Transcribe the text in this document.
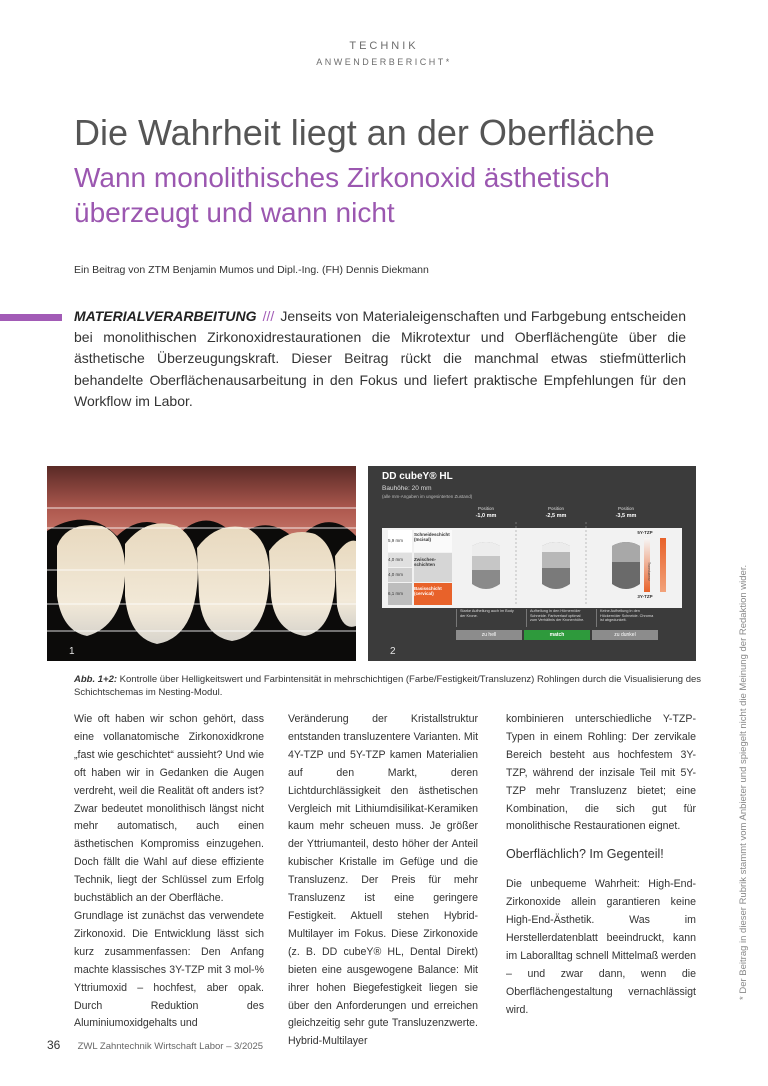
TECHNIK
ANWENDERBERICHT*
Die Wahrheit liegt an der Oberfläche
Wann monolithisches Zirkonoxid ästhetisch überzeugt und wann nicht
Ein Beitrag von ZTM Benjamin Mumos und Dipl.-Ing. (FH) Dennis Diekmann
MATERIALVERARBEITUNG /// Jenseits von Materialeigenschaften und Farbgebung entscheiden bei monolithischen Zirkonoxidrestaurationen die Mikrotextur und Oberflächengüte über die ästhetische Überzeugungskraft. Dieser Beitrag rückt die manchmal etwas stiefmütterlich behandelte Oberflächenausarbeitung in den Fokus und liefert praktische Empfehlungen für den Workflow im Labor.
1
DD cubeY® HL
Bauhöhe: 20 mm
(alle mm-Angaben im ungesinterten Zustand)
5,9 mm
4,0 mm
4,0 mm
6,1 mm
Schneideschicht (Incisal)
Zwischen-schichten
Basisschicht (cervical)
Position
-1,0 mm
Position
-2,5 mm
Position
-3,5 mm
5Y-TZP
Transluzenz
3Y-TZP
Starke Aufhellung auch im Body der Krone.
Aufhellung in den Hörnern/der Schneide. Farbverlauf optimal zum Verhältnis der Kronenhöhe.
Keine Aufhellung in den Höckern/der Schneide. Chroma ist abgedunkelt.
zu hell	match	zu dunkel
2
Abb. 1+2: Kontrolle über Helligkeitswert und Farbintensität in mehrschichtigen (Farbe/Festigkeit/Transluzenz) Rohlingen durch die Visualisierung des Schichtschemas im Nesting-Modul.

Wie oft haben wir schon gehört, dass eine vollanatomische Zirkonoxidkrone „fast wie geschichtet“ aussieht? Und wie oft haben wir in Gedanken die Augen verdreht, weil die Realität oft anders ist? Zwar bedeutet monolithisch längst nicht mehr automatisch, auch einen ästhetischen Kompromiss einzugehen. Doch fällt die Wahl auf diese effiziente Technik, liegt der Schlüssel zum Erfolg buchstäblich an der Oberfläche.

Grundlage ist zunächst das verwendete Zirkonoxid. Die Entwicklung lässt sich kurz zusammenfassen: Den Anfang machte klassisches 3Y-TZP mit 3 mol-% Yttriumoxid – hochfest, aber opak. Durch Reduktion des Aluminiumoxidgehalts und

Veränderung der Kristallstruktur entstanden transluzentere Varianten. Mit 4Y-TZP und 5Y-TZP kamen Materialien auf den Markt, deren Lichtdurchlässigkeit den ästhetischen Vergleich mit Lithiumdisilikat-Keramiken kaum mehr scheuen muss. Je größer der Yttriumanteil, desto höher der Anteil kubischer Kristalle im Gefüge und die Transluzenz. Der Preis für mehr Transluzenz ist eine geringere Festigkeit. Aktuell stehen Hybrid-Multilayer im Fokus. Diese Zirkonoxide (z. B. DD cubeY® HL, Dental Direkt) bieten eine ausgewogene Balance: Mit ihrer hohen Biegefestigkeit liegen sie über den Anforderungen und erreichen gleichzeitig sehr gute Transluzenzwerte. Hybrid-Multilayer

kombinieren unterschiedliche Y-TZP-Typen in einem Rohling: Der zervikale Bereich besteht aus hochfestem 3Y-TZP, während der inzisale Teil mit 5Y-TZP mehr Transluzenz bietet; eine Kombination, die sich gut für monolithische Restaurationen eignet.

Oberflächlich? Im Gegenteil!

Die unbequeme Wahrheit: High-End-Zirkonoxide allein garantieren keine High-End-Ästhetik. Was im Herstellerdatenblatt beeindruckt, kann im Laboralltag schnell Mittelmaß werden – und zwar dann, wenn die Oberflächengestaltung vernachlässigt wird.

* Der Beitrag in dieser Rubrik stammt vom Anbieter und spiegelt nicht die Meinung der Redaktion wider.
36 ZWL Zahntechnik Wirtschaft Labor – 3/2025
